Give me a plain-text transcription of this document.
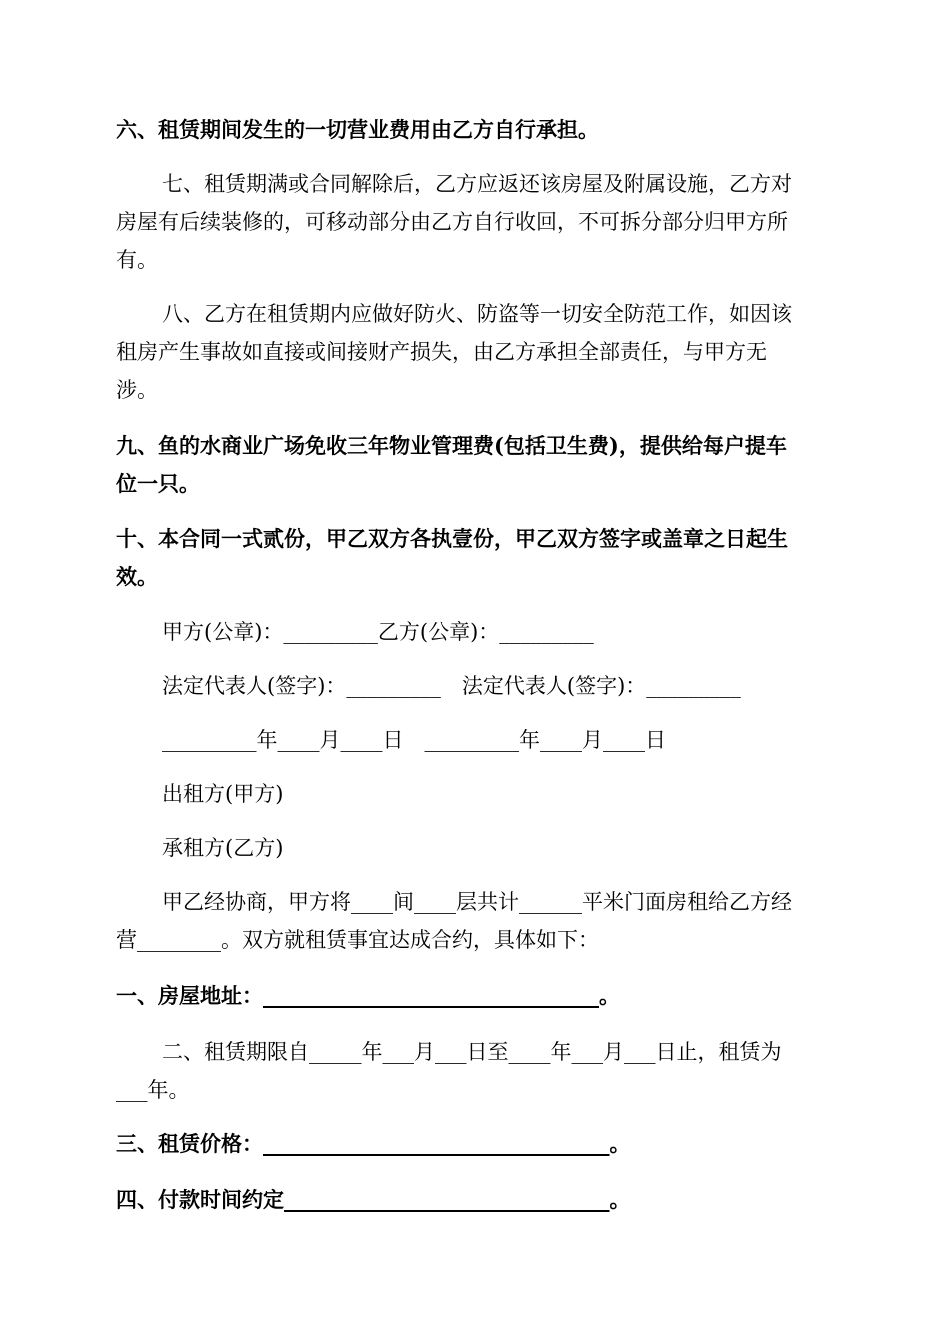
六、租赁期间发生的一切营业费用由乙方自行承担。
七、租赁期满或合同解除后，乙方应返还该房屋及附属设施，乙方对
房屋有后续装修的，可移动部分由乙方自行收回，不可拆分部分归甲方所
有。
八、乙方在租赁期内应做好防火、防盗等一切安全防范工作，如因该
租房产生事故如直接或间接财产损失，由乙方承担全部责任，与甲方无
涉。
九、鱼的水商业广场免收三年物业管理费(包括卫生费)，提供给每户提车
位一只。
十、本合同一式贰份，甲乙双方各执壹份，甲乙双方签字或盖章之日起生
效。
甲方(公章)：_________乙方(公章)：_________
法定代表人(签字)：_________　法定代表人(签字)：_________
_________年____月____日　_________年____月____日
出租方(甲方)
承租方(乙方)
甲乙经协商，甲方将____间____层共计______平米门面房租给乙方经
营________。双方就租赁事宜达成合约，具体如下：
一、房屋地址：________________________________。
二、租赁期限自_____年___月___日至____年___月___日止，租赁为
___年。
三、租赁价格：_________________________________。
四、付款时间约定_______________________________。
